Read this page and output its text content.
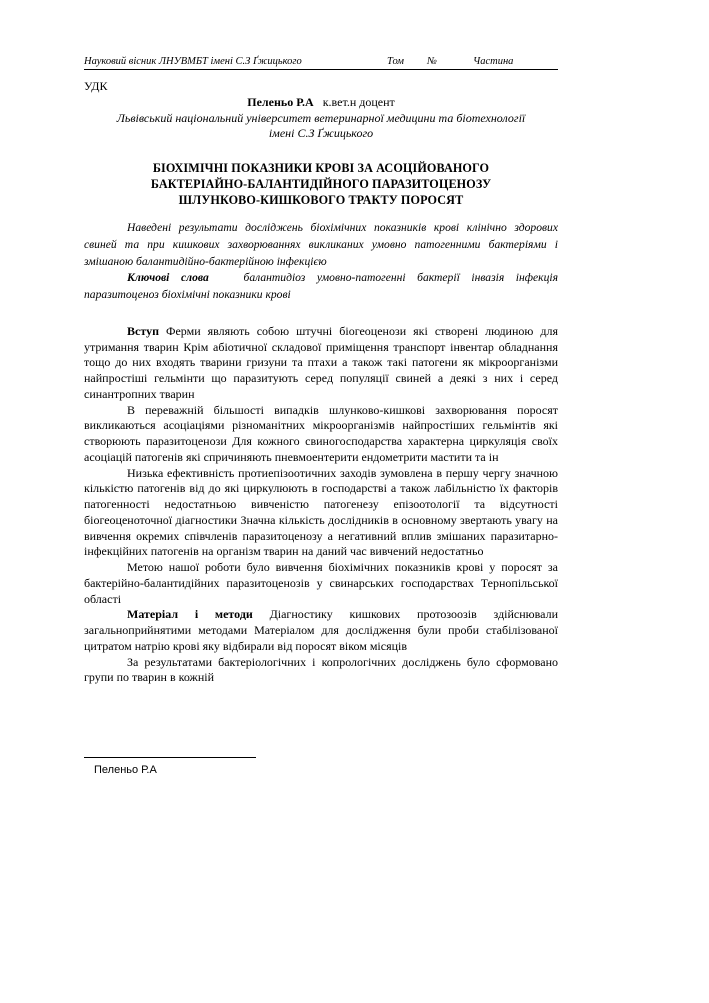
Науковий вісник ЛНУВМБТ імені С.З Ґжицького	Том	№	Частина
УДК
Пеленьо Р.А к.вет.н доцент
Львівський національний університет ветеринарної медицини та біотехнології
імені С.З Ґжицького
БІОХІМІЧНІ ПОКАЗНИКИ КРОВІ ЗА АСОЦІЙОВАНОГО
БАКТЕРІАЙНО-БАЛАНТИДІЙНОГО ПАРАЗИТОЦЕНОЗУ
ШЛУНКОВО-КИШКОВОГО ТРАКТУ ПОРОСЯТ

Наведені результати досліджень біохімічних показників крові клінічно здорових свиней та при кишкових захворюваннях викликаних умовно патогенними бактеріями і змішаною балантидійно-бактерійною інфекцією

Ключові слова	балантидіоз умовно-патогенні бактерії інвазія інфекція паразитоценоз біохімічні показники крові

Вступ Ферми являють собою штучні біогеоценози які створені людиною для утримання тварин Крім абіотичної складової приміщення транспорт інвентар обладнання тощо до них входять тварини гризуни та птахи а також такі патогени як мікроорганізми найпростіші гельмінти що паразитують серед популяції свиней а деякі з них і серед синантропних тварин

В переважній більшості випадків шлунково-кишкові захворювання поросят викликаються асоціаціями різноманітних мікроорганізмів найпростіших гельмінтів які створюють паразитоценози Для кожного свиногосподарства характерна циркуляція своїх асоціацій патогенів які спричиняють пневмоентерити ендометрити мастити та ін

Низька ефективність протиепізоотичних заходів зумовлена в першу чергу значною кількістю патогенів від до які циркулюють в господарстві а також лабільністю їх факторів патогенності недостатньою вивченістю патогенезу епізоотології та відсутності біогеоценоточної діагностики Значна кількість дослідників в основному звертають увагу на вивчення окремих співчленів паразитоценозу а негативний вплив змішаних паразитарно-інфекційних патогенів на організм тварин на даний час вивчений недостатньо

Метою нашої роботи було вивчення біохімічних показників крові у поросят за бактерійно-балантидійних паразитоценозів у свинарських господарствах Тернопільської області

Матеріал і методи Діагностику кишкових протозоозів здійснювали загальноприйнятими методами Матеріалом для дослідження були проби стабілізованої цитратом натрію крові яку відбирали від поросят віком місяців

За результатами бактеріологічних і копрологічних досліджень було сформовано групи по тварин в кожній

Пеленьо Р.А
